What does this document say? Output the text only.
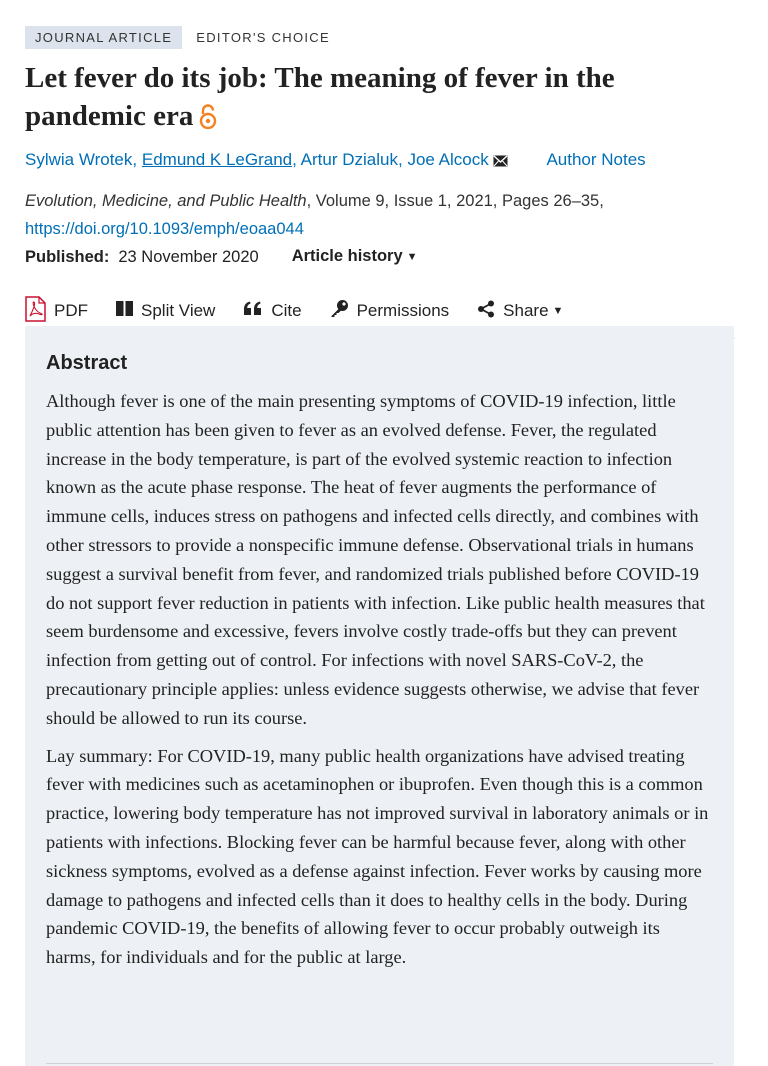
JOURNAL ARTICLE	EDITOR'S CHOICE
Let fever do its job: The meaning of fever in the pandemic era
Sylwia Wrotek, Edmund K LeGrand, Artur Dzialuk, Joe Alcock	Author Notes
Evolution, Medicine, and Public Health, Volume 9, Issue 1, 2021, Pages 26–35,
https://doi.org/10.1093/emph/eoaa044
Published: 23 November 2020 Article history ▼
PDF	Split View	Cite	Permissions	Share ▼
Abstract

Although fever is one of the main presenting symptoms of COVID-19 infection, little public attention has been given to fever as an evolved defense. Fever, the regulated increase in the body temperature, is part of the evolved systemic reaction to infection known as the acute phase response. The heat of fever augments the performance of immune cells, induces stress on pathogens and infected cells directly, and combines with other stressors to provide a nonspecific immune defense. Observational trials in humans suggest a survival benefit from fever, and randomized trials published before COVID-19 do not support fever reduction in patients with infection. Like public health measures that seem burdensome and excessive, fevers involve costly trade-offs but they can prevent infection from getting out of control. For infections with novel SARS-CoV-2, the precautionary principle applies: unless evidence suggests otherwise, we advise that fever should be allowed to run its course.

Lay summary: For COVID-19, many public health organizations have advised treating fever with medicines such as acetaminophen or ibuprofen. Even though this is a common practice, lowering body temperature has not improved survival in laboratory animals or in patients with infections. Blocking fever can be harmful because fever, along with other sickness symptoms, evolved as a defense against infection. Fever works by causing more damage to pathogens and infected cells than it does to healthy cells in the body. During pandemic COVID-19, the benefits of allowing fever to occur probably outweigh its harms, for individuals and for the public at large.
